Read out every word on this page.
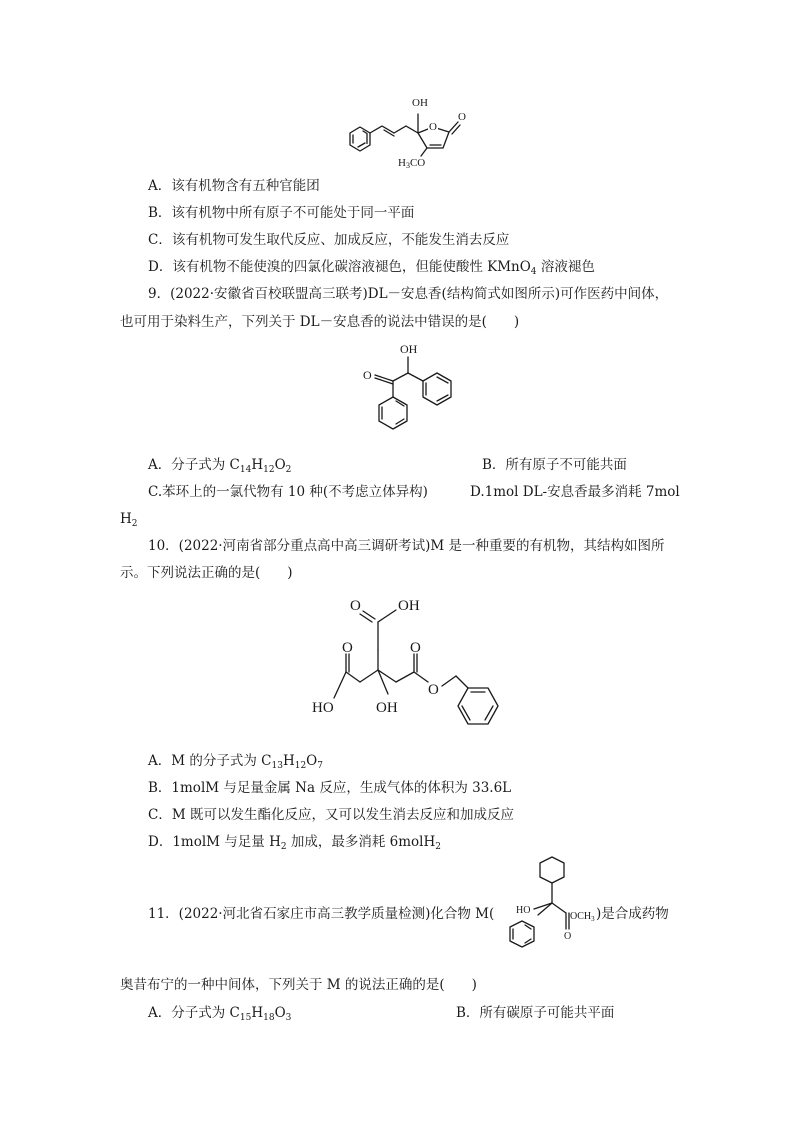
OH
O
O
H3CO
A．该有机物含有五种官能团
B．该有机物中所有原子不可能处于同一平面
C．该有机物可发生取代反应、加成反应，不能发生消去反应
D．该有机物不能使溴的四氯化碳溶液褪色，但能使酸性 KMnO$_4$ 溶液褪色
9．(2022·安徽省百校联盟高三联考)DL－安息香(结构简式如图所示)可作医药中间体，
也可用于染料生产，下列关于 DL－安息香的说法中错误的是(　　)
OH
O
A．分子式为 $C_{14}H_{12}O_2$	B．所有原子不可能共面
C.苯环上的一氯代物有 10 种(不考虑立体异构)	D.1mol DL-安息香最多消耗 7mol
$H_2$
10．(2022·河南省部分重点高中高三调研考试)M 是一种重要的有机物，其结构如图所
示。下列说法正确的是(　　)
O OH
O
HO	OH
O
O
A．M 的分子式为 $C_{13}H_{12}O_7$
B．1molM 与足量金属 Na 反应，生成气体的体积为 33.6L
C．M 既可以发生酯化反应，又可以发生消去反应和加成反应
D．1molM 与足量 $H_2$ 加成，最多消耗 6molH$_2$
11．(2022·河北省石家庄市高三教学质量检测)化合物 M( HO
$OCH_3$
O
)是合成药物
奥昔布宁的一种中间体，下列关于 M 的说法正确的是(　　)
A．分子式为 $C_{15}H_{18}O_3$	B．所有碳原子可能共平面
